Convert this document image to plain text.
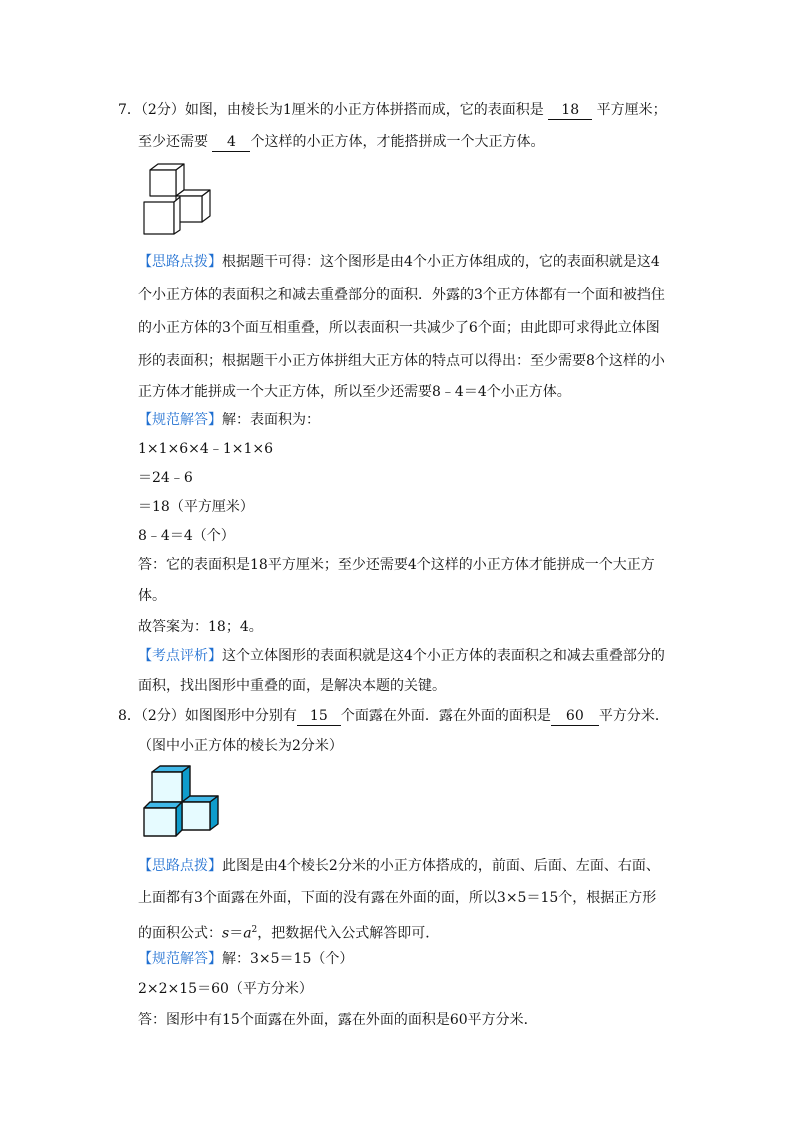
7．（2分）如图，由棱长为1厘米的小正方体拼搭而成，它的表面积是 18 平方厘米；
至少还需要 4 个这样的小正方体，才能搭拼成一个大正方体。
【思路点拨】根据题干可得：这个图形是由4个小正方体组成的，它的表面积就是这4
个小正方体的表面积之和减去重叠部分的面积．外露的3个正方体都有一个面和被挡住
的小正方体的3个面互相重叠，所以表面积一共减少了6个面；由此即可求得此立体图
形的表面积；根据题干小正方体拼组大正方体的特点可以得出：至少需要8个这样的小
正方体才能拼成一个大正方体，所以至少还需要8﹣4＝4个小正方体。
【规范解答】解：表面积为：
1×1×6×4﹣1×1×6
＝24﹣6
＝18（平方厘米）
8﹣4＝4（个）
答：它的表面积是18平方厘米；至少还需要4个这样的小正方体才能拼成一个大正方
体。
故答案为：18；4。
【考点评析】这个立体图形的表面积就是这4个小正方体的表面积之和减去重叠部分的
面积，找出图形中重叠的面，是解决本题的关键。
8．（2分）如图图形中分别有 15 个面露在外面．露在外面的面积是 60 平方分米．
（图中小正方体的棱长为2分米）
【思路点拨】此图是由4个棱长2分米的小正方体搭成的，前面、后面、左面、右面、
上面都有3个面露在外面，下面的没有露在外面的面，所以3×5＝15个，根据正方形
的面积公式：$s=a^2$，把数据代入公式解答即可．
【规范解答】解：3×5＝15（个）
2×2×15＝60（平方分米）
答：图形中有15个面露在外面，露在外面的面积是60平方分米．
